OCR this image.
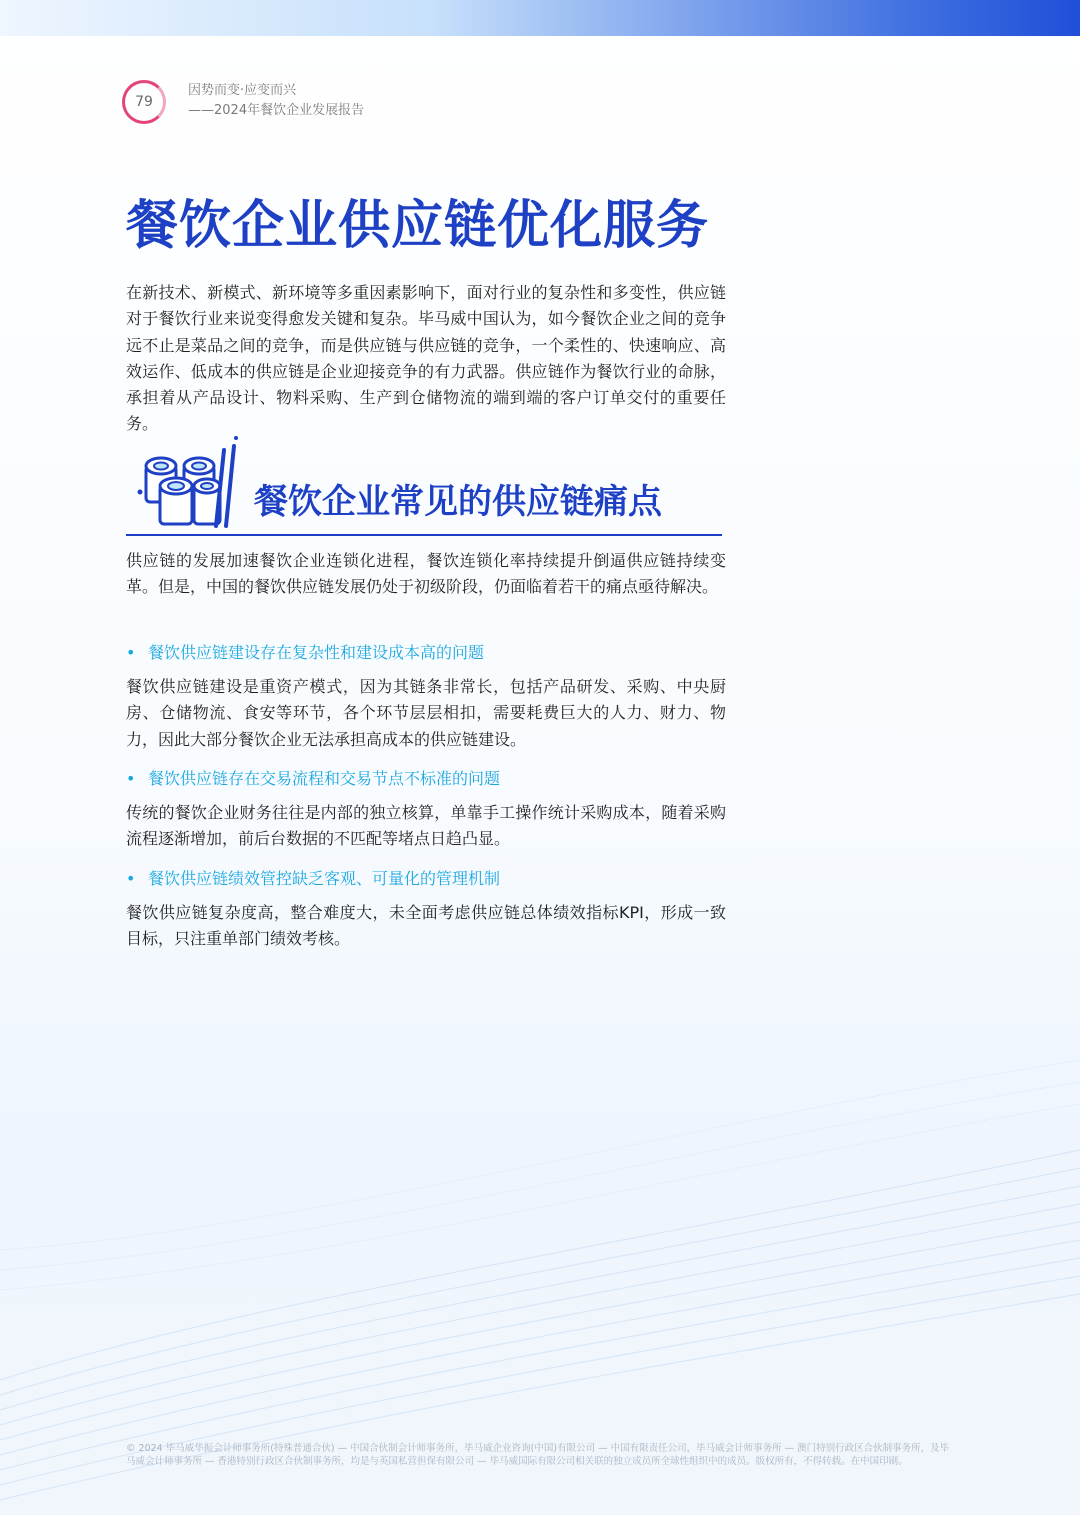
79
因势而变·应变而兴
——2024年餐饮企业发展报告
餐饮企业供应链优化服务

在新技术、新模式、新环境等多重因素影响下，面对行业的复杂性和多变性，供应链对于餐饮行业来说变得愈发关键和复杂。毕马威中国认为，如今餐饮企业之间的竞争远不止是菜品之间的竞争，而是供应链与供应链的竞争，一个柔性的、快速响应、高效运作、低成本的供应链是企业迎接竞争的有力武器。供应链作为餐饮行业的命脉，承担着从产品设计、物料采购、生产到仓储物流的端到端的客户订单交付的重要任务。

餐饮企业常见的供应链痛点

供应链的发展加速餐饮企业连锁化进程，餐饮连锁化率持续提升倒逼供应链持续变革。但是，中国的餐饮供应链发展仍处于初级阶段，仍面临着若干的痛点亟待解决。

• 餐饮供应链建设存在复杂性和建设成本高的问题

餐饮供应链建设是重资产模式，因为其链条非常长，包括产品研发、采购、中央厨房、仓储物流、食安等环节，各个环节层层相扣，需要耗费巨大的人力、财力、物力，因此大部分餐饮企业无法承担高成本的供应链建设。

• 餐饮供应链存在交易流程和交易节点不标准的问题

传统的餐饮企业财务往往是内部的独立核算，单靠手工操作统计采购成本，随着采购流程逐渐增加，前后台数据的不匹配等堵点日趋凸显。

• 餐饮供应链绩效管控缺乏客观、可量化的管理机制

餐饮供应链复杂度高，整合难度大，未全面考虑供应链总体绩效指标KPI，形成一致目标，只注重单部门绩效考核。

© 2024 毕马威华振会计师事务所(特殊普通合伙) — 中国合伙制会计师事务所，毕马威企业咨询(中国)有限公司 — 中国有限责任公司，毕马威会计师事务所 — 澳门特别行政区合伙制事务所，及毕马威会计师事务所 — 香港特别行政区合伙制事务所，均是与英国私营担保有限公司 — 毕马威国际有限公司相关联的独立成员所全球性组织中的成员。版权所有，不得转载。在中国印刷。
